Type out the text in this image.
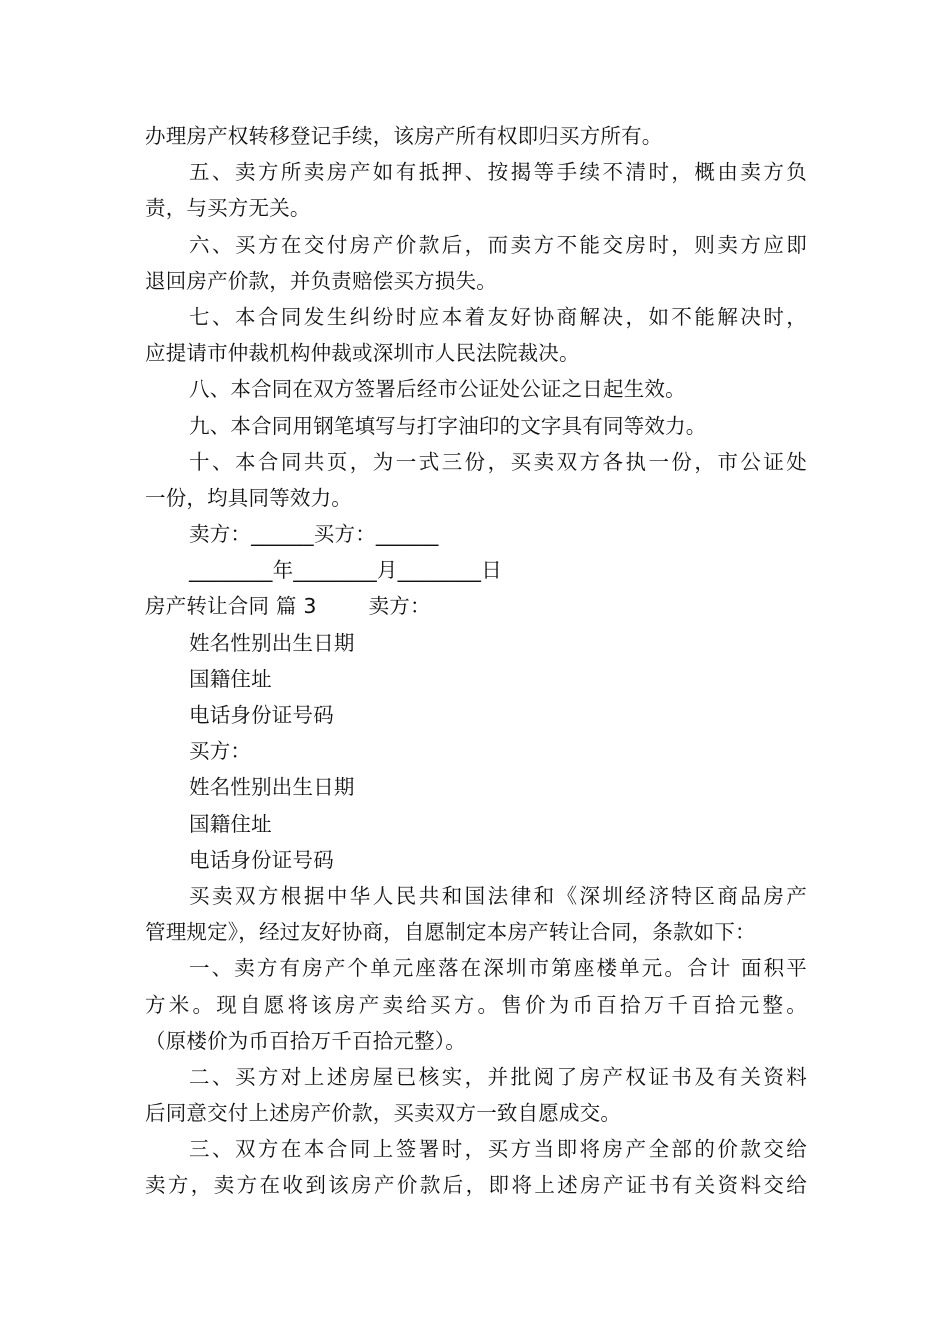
办理房产权转移登记手续，该房产所有权即归买方所有。
五、卖方所卖房产如有抵押、按揭等手续不清时，概由卖方负
责，与买方无关。
六、买方在交付房产价款后，而卖方不能交房时，则卖方应即
退回房产价款，并负责赔偿买方损失。
七、本合同发生纠纷时应本着友好协商解决，如不能解决时，
应提请市仲裁机构仲裁或深圳市人民法院裁决。
八、本合同在双方签署后经市公证处公证之日起生效。
九、本合同用钢笔填写与打字油印的文字具有同等效力。
十、本合同共页，为一式三份，买卖双方各执一份，市公证处
一份，均具同等效力。
卖方：______买方：______
________年________月________日
房产转让合同 篇 3	卖方：
姓名性别出生日期
国籍住址
电话身份证号码
买方：
姓名性别出生日期
国籍住址
电话身份证号码
买卖双方根据中华人民共和国法律和《深圳经济特区商品房产
管理规定》，经过友好协商，自愿制定本房产转让合同，条款如下：
一、卖方有房产个单元座落在深圳市第座楼单元。合计 面积平
方米。现自愿将该房产卖给买方。售价为币百拾万千百拾元整。
（原楼价为币百拾万千百拾元整）。
二、买方对上述房屋已核实，并批阅了房产权证书及有关资料
后同意交付上述房产价款，买卖双方一致自愿成交。
三、双方在本合同上签署时，买方当即将房产全部的价款交给
卖方，卖方在收到该房产价款后，即将上述房产证书有关资料交给
